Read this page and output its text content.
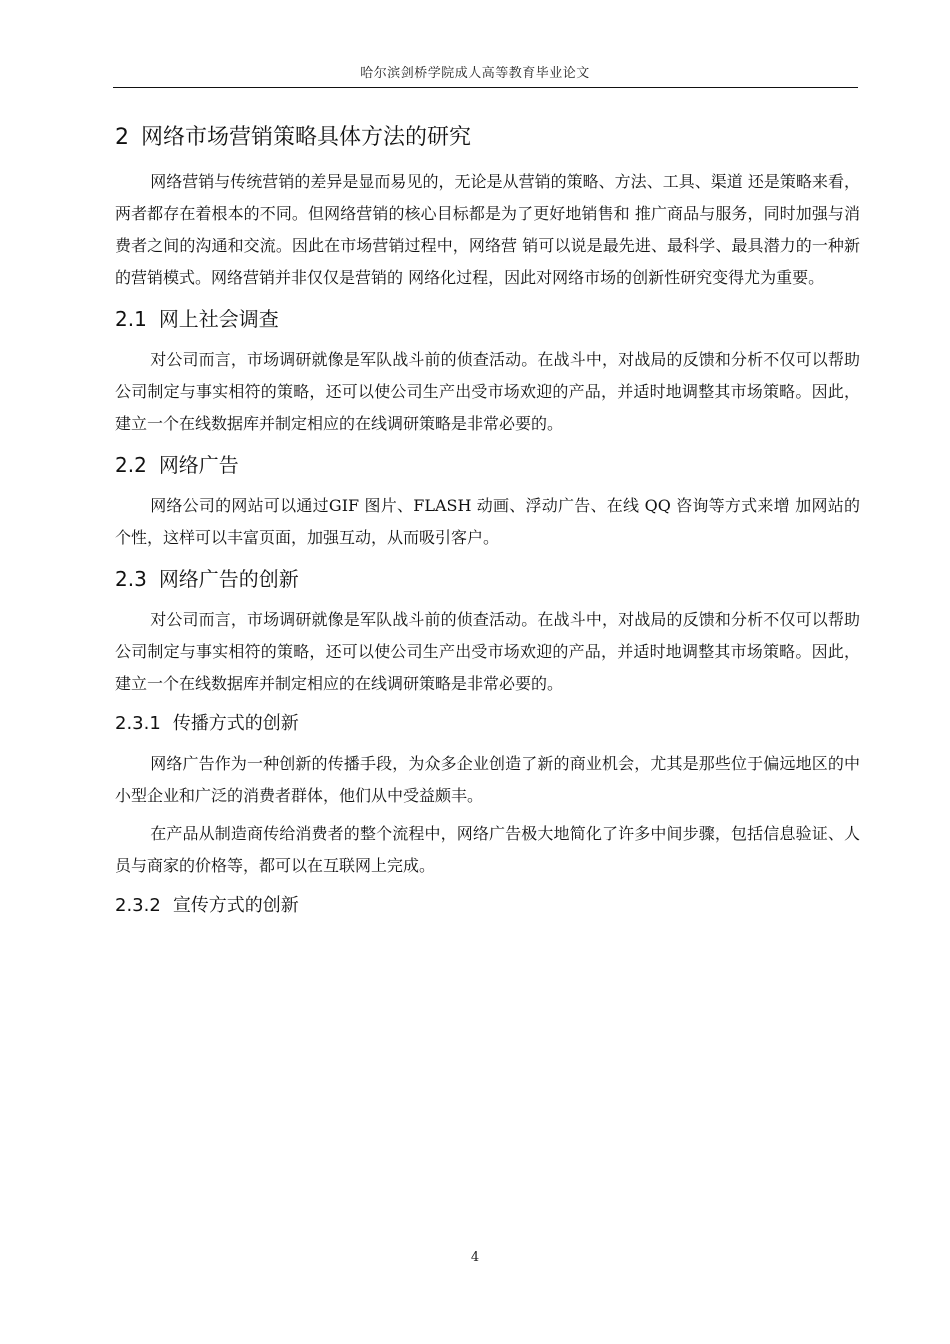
哈尔滨剑桥学院成人高等教育毕业论文
2 网络市场营销策略具体方法的研究

网络营销与传统营销的差异是显而易见的，无论是从营销的策略、方法、工具、渠道 还是策略来看，两者都存在着根本的不同。但网络营销的核心目标都是为了更好地销售和 推广商品与服务，同时加强与消费者之间的沟通和交流。因此在市场营销过程中，网络营 销可以说是最先进、最科学、最具潜力的一种新的营销模式。网络营销并非仅仅是营销的 网络化过程，因此对网络市场的创新性研究变得尤为重要。

2.1 网上社会调查

对公司而言，市场调研就像是军队战斗前的侦查活动。在战斗中，对战局的反馈和分析不仅可以帮助公司制定与事实相符的策略，还可以使公司生产出受市场欢迎的产品，并适时地调整其市场策略。因此，建立一个在线数据库并制定相应的在线调研策略是非常必要的。

2.2 网络广告

网络公司的网站可以通过GIF 图片、FLASH 动画、浮动广告、在线 QQ 咨询等方式来增 加网站的个性，这样可以丰富页面，加强互动，从而吸引客户。

2.3 网络广告的创新

对公司而言，市场调研就像是军队战斗前的侦查活动。在战斗中，对战局的反馈和分析不仅可以帮助公司制定与事实相符的策略，还可以使公司生产出受市场欢迎的产品，并适时地调整其市场策略。因此，建立一个在线数据库并制定相应的在线调研策略是非常必要的。

2.3.1 传播方式的创新

网络广告作为一种创新的传播手段，为众多企业创造了新的商业机会，尤其是那些位于偏远地区的中小型企业和广泛的消费者群体，他们从中受益颇丰。

在产品从制造商传给消费者的整个流程中，网络广告极大地简化了许多中间步骤，包括信息验证、人员与商家的价格等，都可以在互联网上完成。

2.3.2 宣传方式的创新
4
